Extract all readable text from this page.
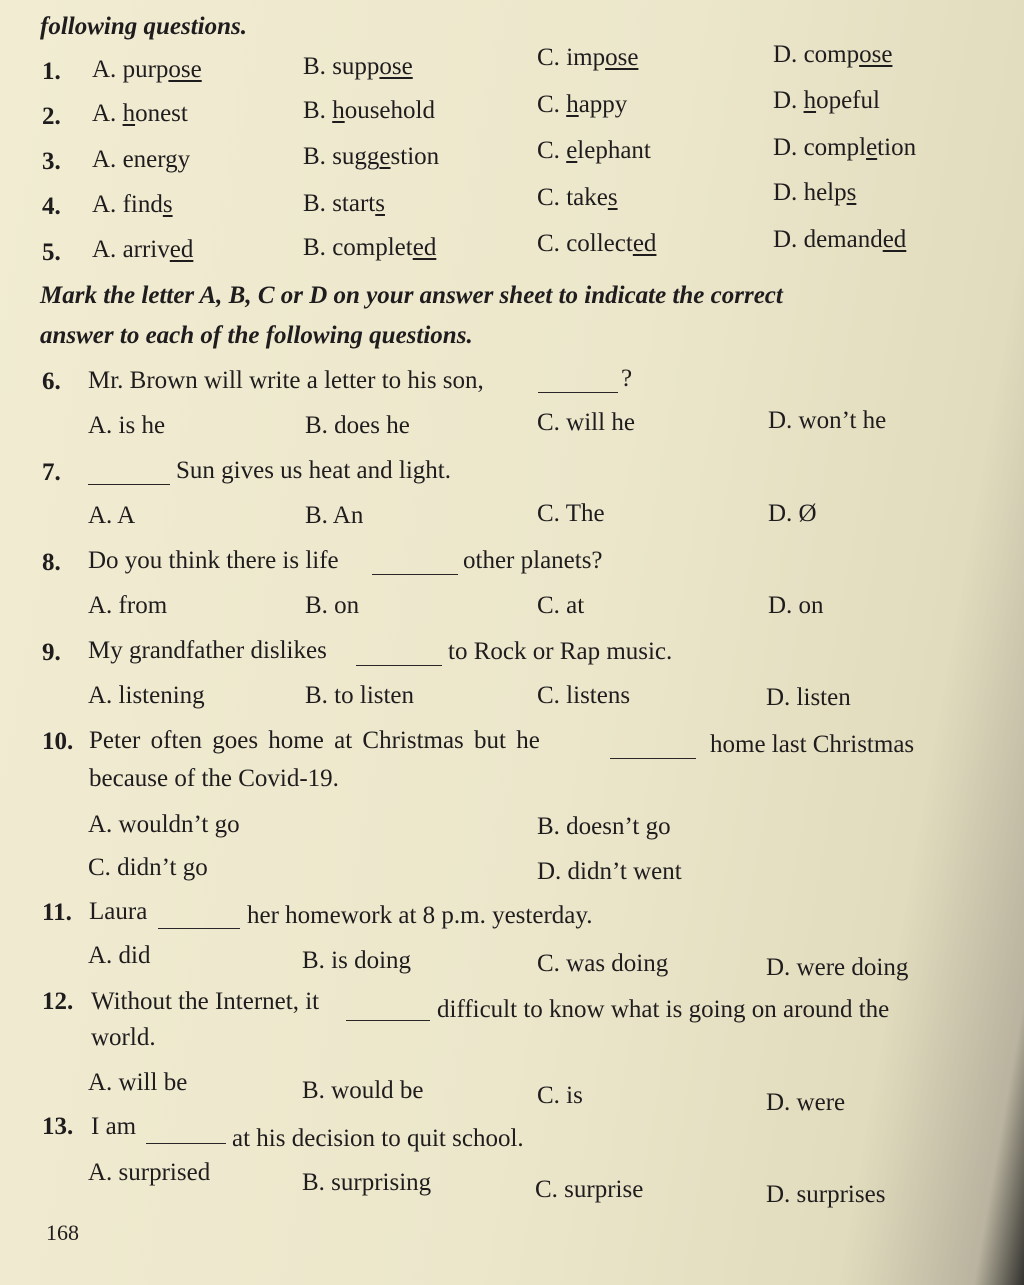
following questions.
1. A. purpose	B. suppose	C. impose	D. compose
2. A. honest	B. household	C. happy	D. hopeful
3. A. energy	B. suggestion	C. elephant	D. completion
4. A. finds	B. starts	C. takes	D. helps
5. A. arrived	B. completed	C. collected	D. demanded
Mark the letter A, B, C or D on your answer sheet to indicate the correct
answer to each of the following questions.
6. Mr. Brown will write a letter to his son,	?
A. is he	B. does he	C. will he	D. won’t he
7.	Sun gives us heat and light.
A. A	B. An	C. The	D. Ø
8. Do you think there is life	other planets?
A. from	B. on	C. at	D. on
9. My grandfather dislikes	to Rock or Rap music.
A. listening	B. to listen	C. listens	D. listen
10. Peter often goes home at Christmas but he	home last Christmas
because of the Covid-19.
A. wouldn’t go	B. doesn’t go
C. didn’t go	D. didn’t went
11. Laura	her homework at 8 p.m. yesterday.
A. did	B. is doing	C. was doing	D. were doing
12. Without the Internet, it	difficult to know what is going on around the
world.
A. will be	B. would be	C. is	D. were
13. I am	at his decision to quit school.
A. surprised	B. surprising	C. surprise	D. surprises
168
